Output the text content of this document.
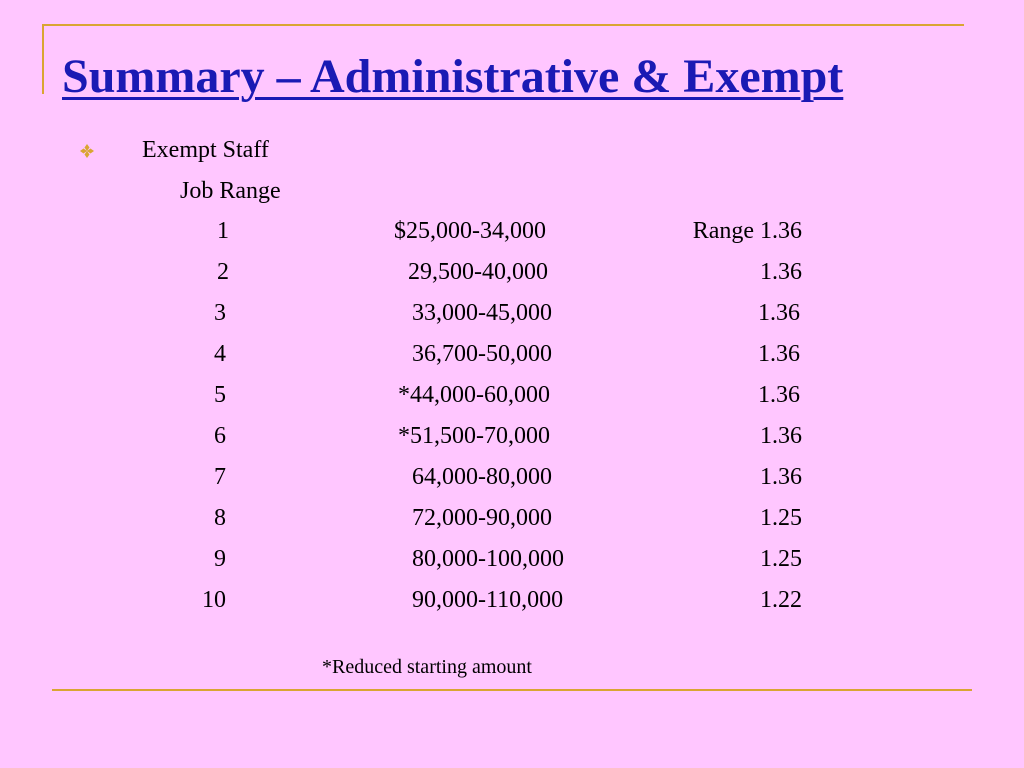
Summary – Administrative & Exempt
Exempt Staff
Job Range
1	$25,000-34,000	Range 1.36
2	29,500-40,000	1.36
3	33,000-45,000	1.36
4	36,700-50,000	1.36
5	*44,000-60,000	1.36
6	*51,500-70,000	1.36
7	64,000-80,000	1.36
8	72,000-90,000	1.25
9	80,000-100,000	1.25
10	90,000-110,000	1.22
*Reduced starting amount
